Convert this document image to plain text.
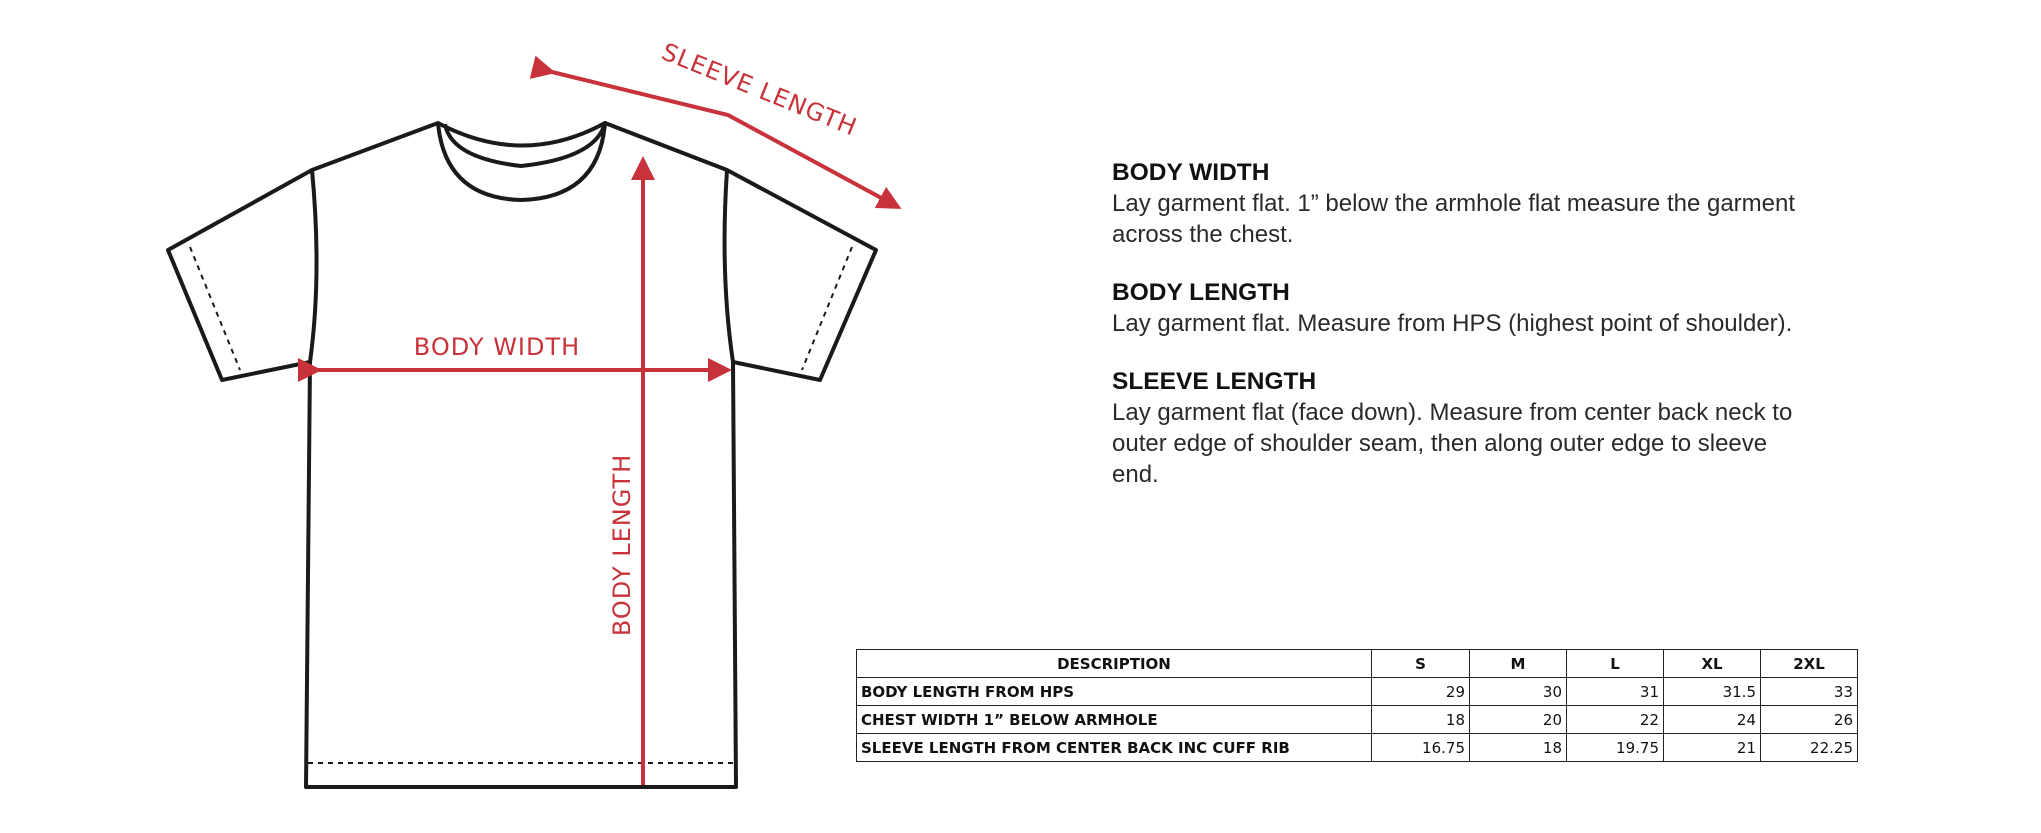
SLEEVE LENGTH
BODY WIDTH
BODY LENGTH
BODY WIDTH
Lay garment flat. 1” below the armhole flat measure the garment across the chest.
BODY LENGTH
Lay garment flat. Measure from HPS (highest point of shoulder).
SLEEVE LENGTH
Lay garment flat (face down). Measure from center back neck to outer edge of shoulder seam, then along outer edge to sleeve end.
DESCRIPTION	S	M	L	XL	2XL
BODY LENGTH FROM HPS	29	30	31	31.5	33
CHEST WIDTH 1” BELOW ARMHOLE	18	20	22	24	26
SLEEVE LENGTH FROM CENTER BACK INC CUFF RIB	16.75	18	19.75	21	22.25
